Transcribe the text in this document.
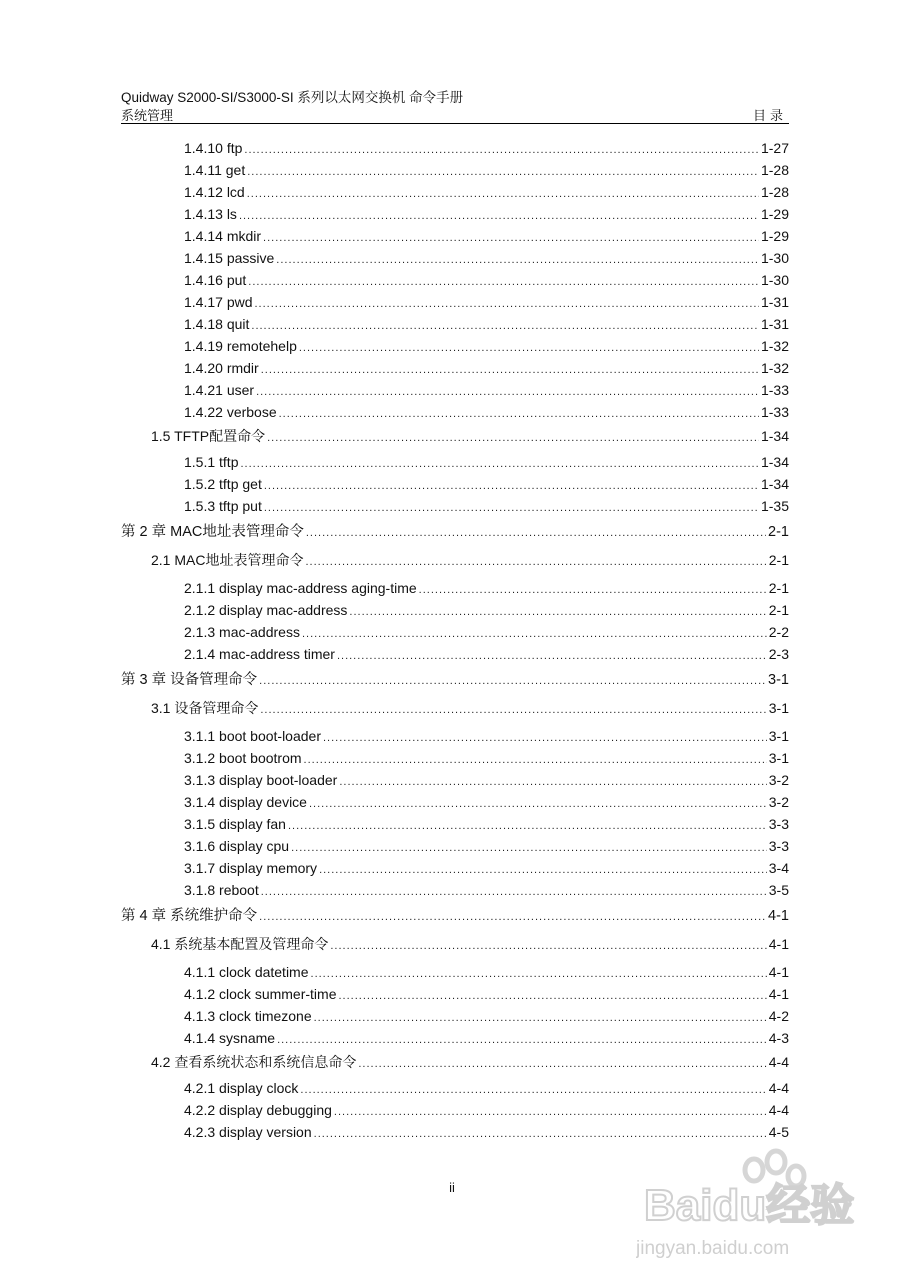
Quidway S2000-SI/S3000-SI 系列以太网交换机 命令手册
系统管理	目录
1.4.10 ftp .....	1-27
1.4.11 get .....	1-28
1.4.12 lcd .....	1-28
1.4.13 ls .....	1-29
1.4.14 mkdir .....	1-29
1.4.15 passive .....	1-30
1.4.16 put .....	1-30
1.4.17 pwd .....	1-31
1.4.18 quit .....	1-31
1.4.19 remotehelp .....	1-32
1.4.20 rmdir .....	1-32
1.4.21 user .....	1-33
1.4.22 verbose .....	1-33
1.5 TFTP配置命令 .....	1-34
1.5.1 tftp .....	1-34
1.5.2 tftp get .....	1-34
1.5.3 tftp put .....	1-35
第 2 章 MAC地址表管理命令 .....	2-1
2.1 MAC地址表管理命令 .....	2-1
2.1.1 display mac-address aging-time .....	2-1
2.1.2 display mac-address .....	2-1
2.1.3 mac-address .....	2-2
2.1.4 mac-address timer .....	2-3
第 3 章 设备管理命令 .....	3-1
3.1 设备管理命令 .....	3-1
3.1.1 boot boot-loader .....	3-1
3.1.2 boot bootrom .....	3-1
3.1.3 display boot-loader .....	3-2
3.1.4 display device .....	3-2
3.1.5 display fan .....	3-3
3.1.6 display cpu .....	3-3
3.1.7 display memory .....	3-4
3.1.8 reboot .....	3-5
第 4 章 系统维护命令 .....	4-1
4.1 系统基本配置及管理命令 .....	4-1
4.1.1 clock datetime .....	4-1
4.1.2 clock summer-time .....	4-1
4.1.3 clock timezone .....	4-2
4.1.4 sysname .....	4-3
4.2 查看系统状态和系统信息命令 .....	4-4
4.2.1 display clock .....	4-4
4.2.2 display debugging .....	4-4
4.2.3 display version .....	4-5
ii	Baidu经验
jingyan.baidu.com
